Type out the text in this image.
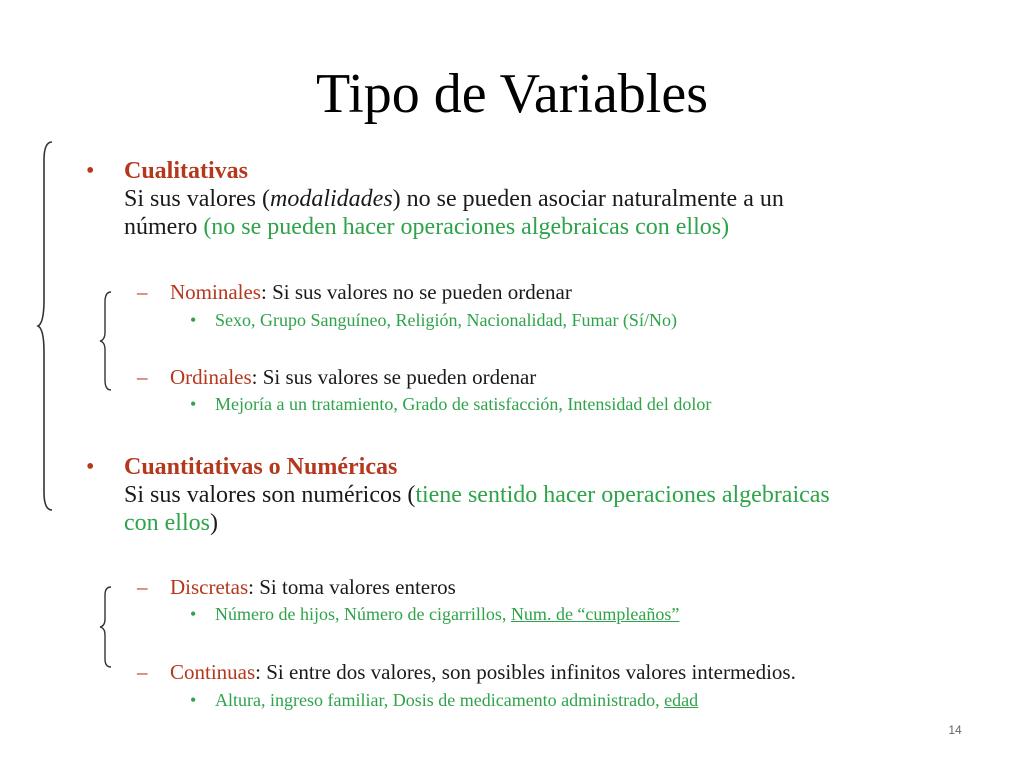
Tipo de Variables
• Cualitativas
Si sus valores (modalidades) no se pueden asociar naturalmente a un
número (no se pueden hacer operaciones algebraicas con ellos)
– Nominales: Si sus valores no se pueden ordenar
• Sexo, Grupo Sanguíneo, Religión, Nacionalidad, Fumar (Sí/No)
– Ordinales: Si sus valores se pueden ordenar
• Mejoría a un tratamiento, Grado de satisfacción, Intensidad del dolor
• Cuantitativas o Numéricas
Si sus valores son numéricos (tiene sentido hacer operaciones algebraicas
con ellos)
– Discretas: Si toma valores enteros
• Número de hijos, Número de cigarrillos, Num. de “cumpleaños”
– Continuas: Si entre dos valores, son posibles infinitos valores intermedios.
• Altura, ingreso familiar, Dosis de medicamento administrado, edad
14
